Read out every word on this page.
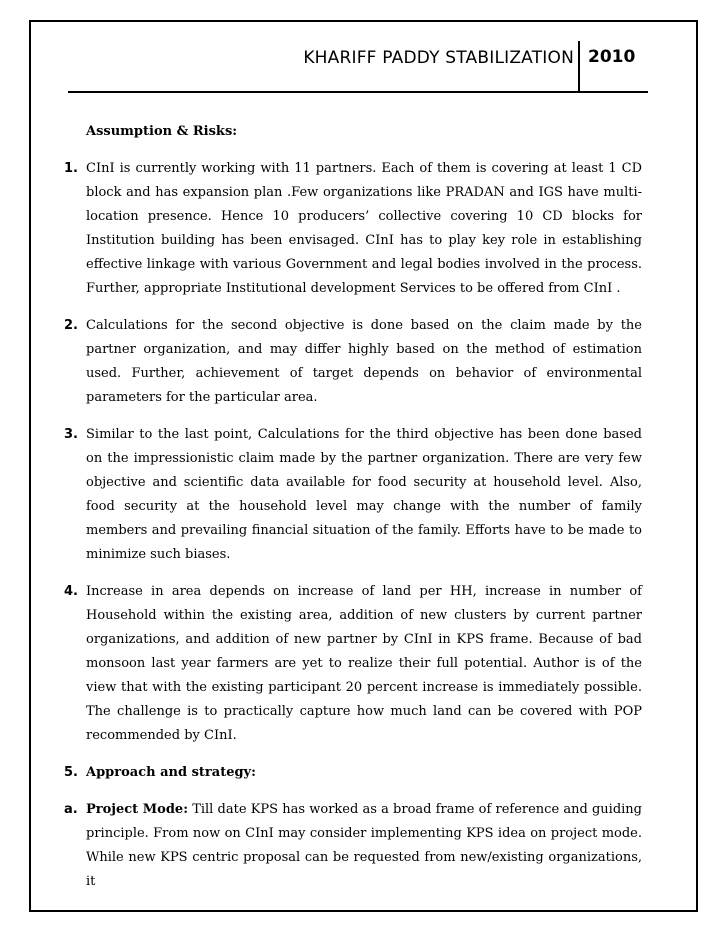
KHARIFF PADDY STABILIZATION 2010
Assumption & Risks:
1. CInI is currently working with 11 partners. Each of them is covering at least 1 CD block and has expansion plan .Few organizations like PRADAN and IGS have multi-location presence. Hence 10 producers’ collective covering 10 CD blocks for Institution building has been envisaged. CInI has to play key role in establishing effective linkage with various Government and legal bodies involved in the process. Further, appropriate Institutional development Services to be offered from CInI .
2. Calculations for the second objective is done based on the claim made by the partner organization, and may differ highly based on the method of estimation used. Further, achievement of target depends on behavior of environmental parameters for the particular area.
3. Similar to the last point, Calculations for the third objective has been done based on the impressionistic claim made by the partner organization. There are very few objective and scientific data available for food security at household level. Also, food security at the household level may change with the number of family members and prevailing financial situation of the family. Efforts have to be made to minimize such biases.
4. Increase in area depends on increase of land per HH, increase in number of Household within the existing area, addition of new clusters by current partner organizations, and addition of new partner by CInI in KPS frame. Because of bad monsoon last year farmers are yet to realize their full potential. Author is of the view that with the existing participant 20 percent increase is immediately possible. The challenge is to practically capture how much land can be covered with POP recommended by CInI.
5. Approach and strategy:
a. Project Mode: Till date KPS has worked as a broad frame of reference and guiding principle. From now on CInI may consider implementing KPS idea on project mode. While new KPS centric proposal can be requested from new/existing organizations, it
